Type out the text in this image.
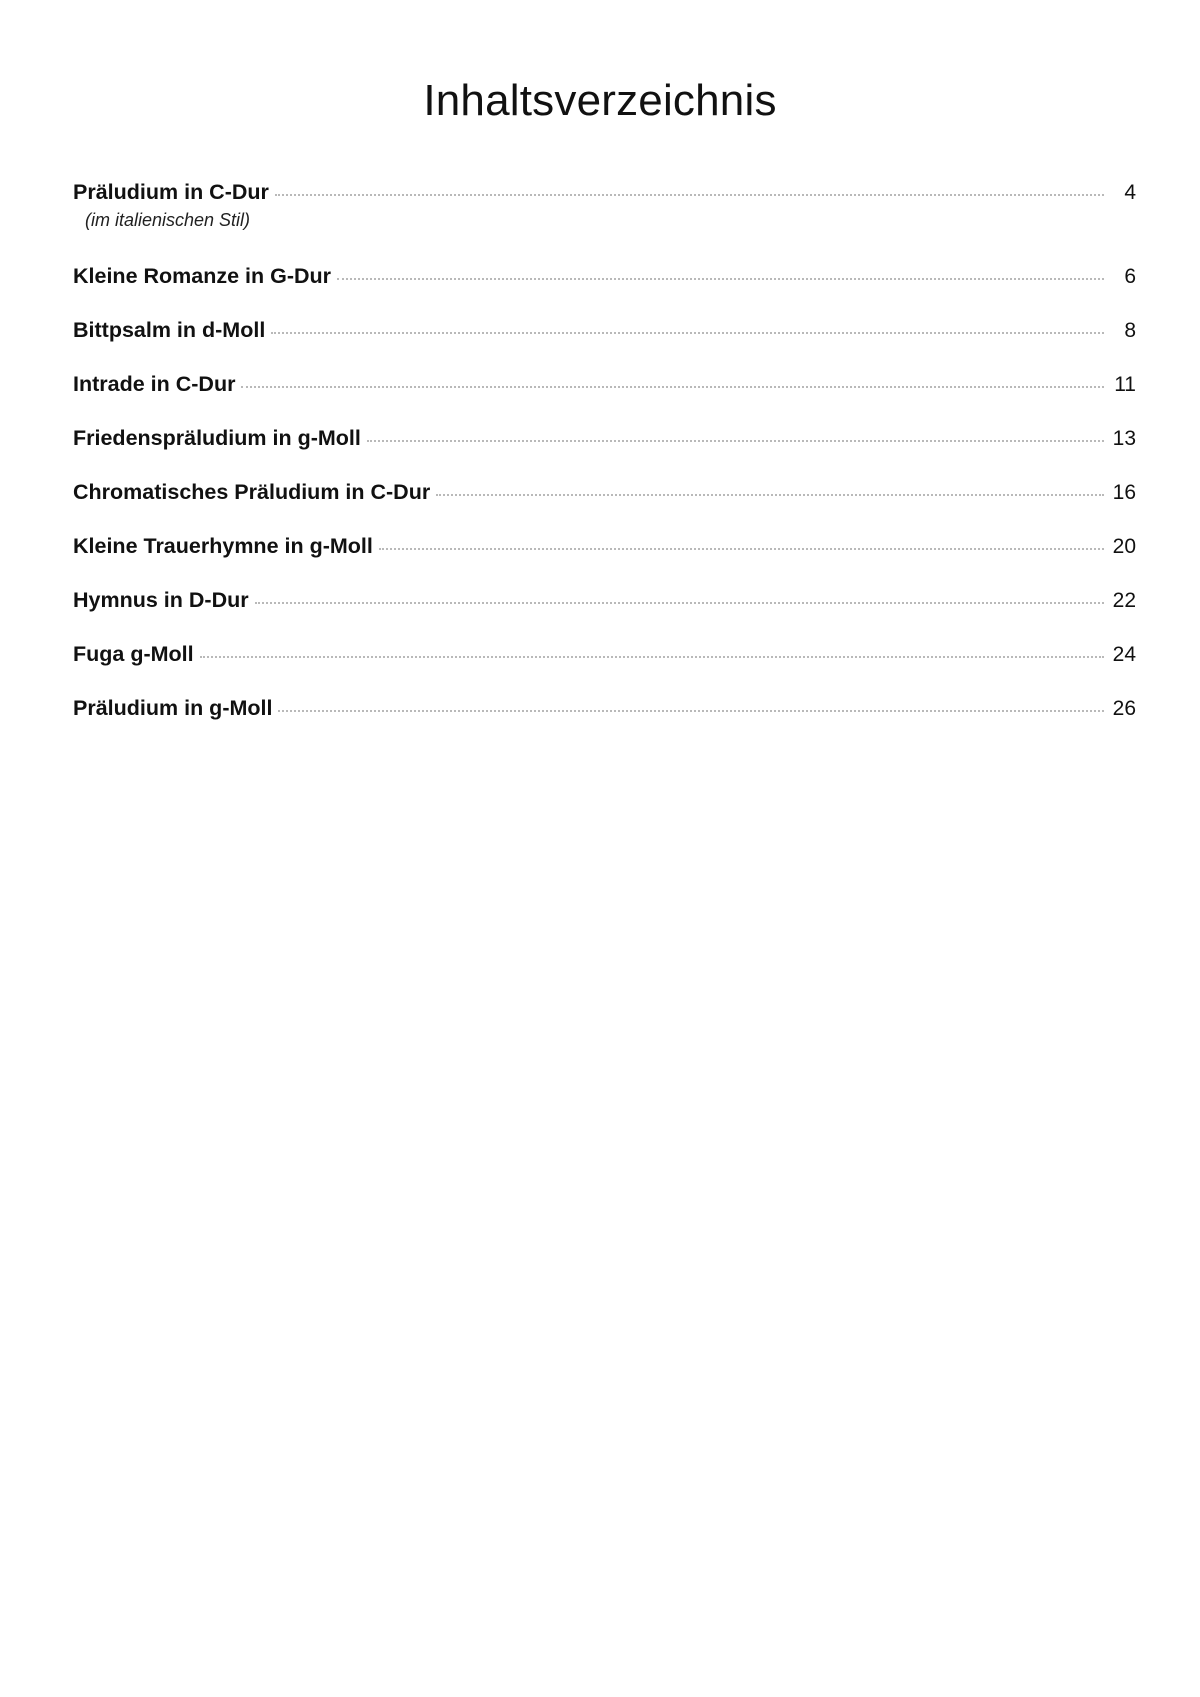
Inhaltsverzeichnis
Präludium in C-Dur	4
(im italienischen Stil)
Kleine Romanze in G-Dur	6
Bittpsalm in d-Moll	8
Intrade in C-Dur	11
Friedenspräludium in g-Moll	13
Chromatisches Präludium in C-Dur	16
Kleine Trauerhymne in g-Moll	20
Hymnus in D-Dur	22
Fuga g-Moll	24
Präludium in g-Moll	26
